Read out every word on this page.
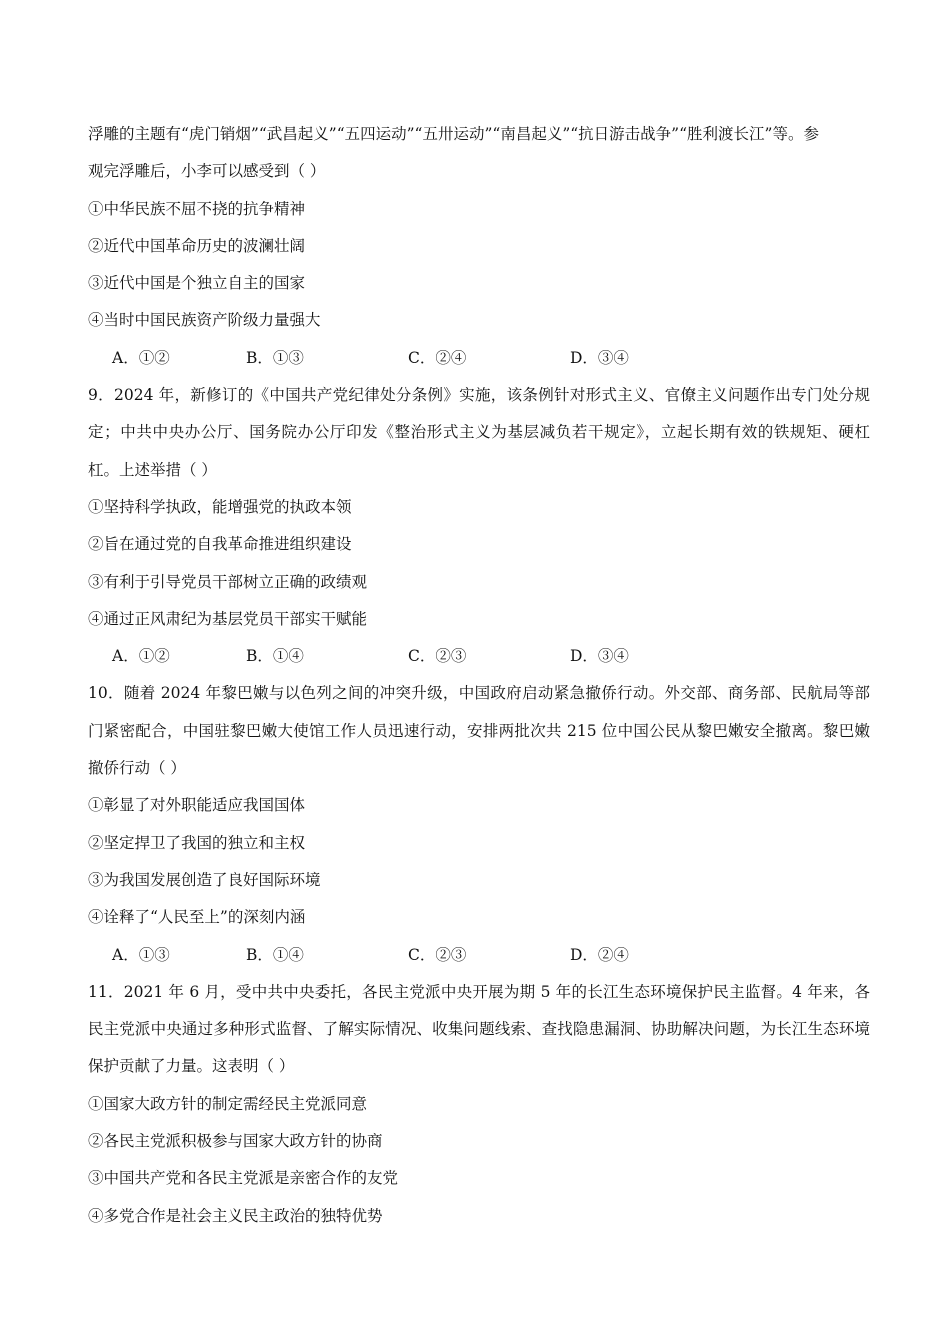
浮雕的主题有“虎门销烟”“武昌起义”“五四运动”“五卅运动”“南昌起义”“抗日游击战争”“胜利渡长江”等。参
观完浮雕后，小李可以感受到（ ）
①中华民族不屈不挠的抗争精神
②近代中国革命历史的波澜壮阔
③近代中国是个独立自主的国家
④当时中国民族资产阶级力量强大
A．①②	B．①③	C．②④	D．③④
9．2024 年，新修订的《中国共产党纪律处分条例》实施，该条例针对形式主义、官僚主义问题作出专门处分规定；中共中央办公厅、国务院办公厅印发《整治形式主义为基层减负若干规定》，立起长期有效的铁规矩、硬杠杠。上述举措（ ）
①坚持科学执政，能增强党的执政本领
②旨在通过党的自我革命推进组织建设
③有利于引导党员干部树立正确的政绩观
④通过正风肃纪为基层党员干部实干赋能
A．①②	B．①④	C．②③	D．③④
10．随着 2024 年黎巴嫩与以色列之间的冲突升级，中国政府启动紧急撤侨行动。外交部、商务部、民航局等部门紧密配合，中国驻黎巴嫩大使馆工作人员迅速行动，安排两批次共 215 位中国公民从黎巴嫩安全撤离。黎巴嫩撤侨行动（ ）
①彰显了对外职能适应我国国体
②坚定捍卫了我国的独立和主权
③为我国发展创造了良好国际环境
④诠释了“人民至上”的深刻内涵
A．①③	B．①④	C．②③	D．②④
11．2021 年 6 月，受中共中央委托，各民主党派中央开展为期 5 年的长江生态环境保护民主监督。4 年来，各民主党派中央通过多种形式监督、了解实际情况、收集问题线索、查找隐患漏洞、协助解决问题，为长江生态环境保护贡献了力量。这表明（ ）
①国家大政方针的制定需经民主党派同意
②各民主党派积极参与国家大政方针的协商
③中国共产党和各民主党派是亲密合作的友党
④多党合作是社会主义民主政治的独特优势
